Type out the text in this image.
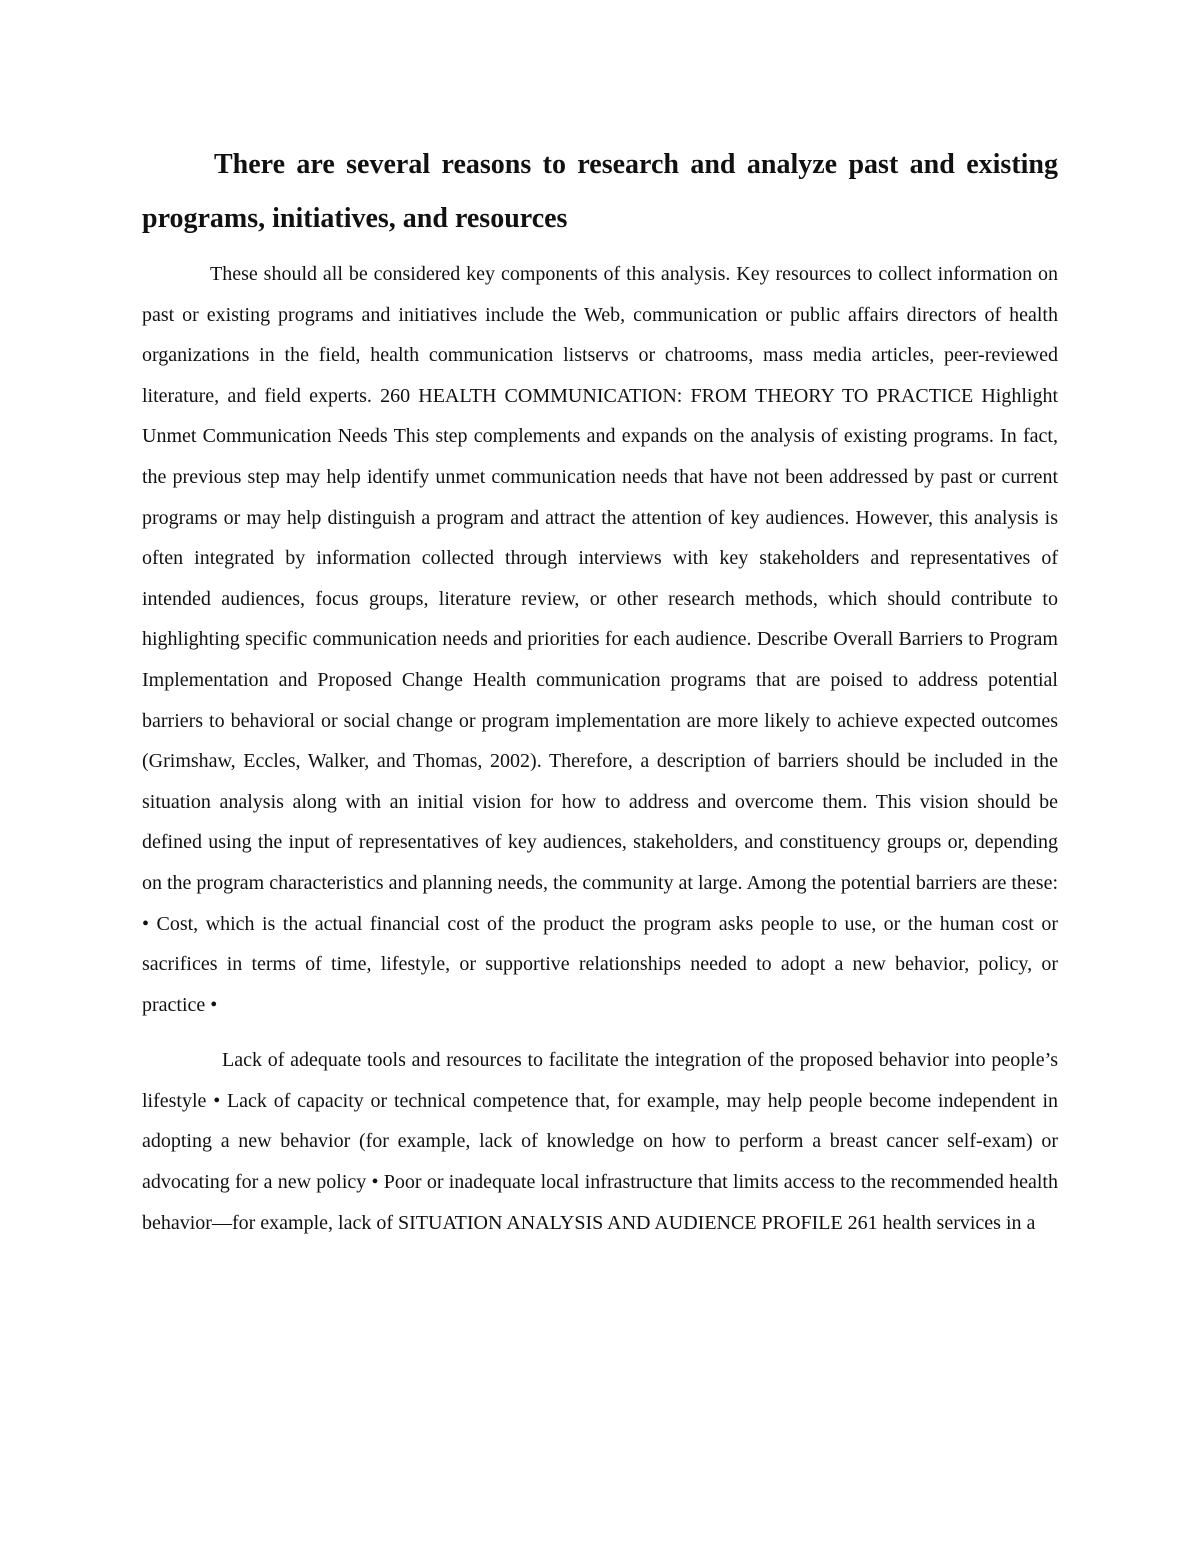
There are several reasons to research and analyze past and existing programs, initiatives, and resources

These should all be considered key components of this analysis. Key resources to collect information on past or existing programs and initiatives include the Web, communication or public affairs directors of health organizations in the field, health communication listservs or chatrooms, mass media articles, peer-reviewed literature, and field experts. 260 HEALTH COMMUNICATION: FROM THEORY TO PRACTICE Highlight Unmet Communication Needs This step complements and expands on the analysis of existing programs. In fact, the previous step may help identify unmet communication needs that have not been addressed by past or current programs or may help distinguish a program and attract the attention of key audiences. However, this analysis is often integrated by information collected through interviews with key stakeholders and representatives of intended audiences, focus groups, literature review, or other research methods, which should contribute to highlighting specific communication needs and priorities for each audience. Describe Overall Barriers to Program Implementation and Proposed Change Health communication programs that are poised to address potential barriers to behavioral or social change or program implementation are more likely to achieve expected outcomes (Grimshaw, Eccles, Walker, and Thomas, 2002). Therefore, a description of barriers should be included in the situation analysis along with an initial vision for how to address and overcome them. This vision should be defined using the input of representatives of key audiences, stakeholders, and constituency groups or, depending on the program characteristics and planning needs, the community at large. Among the potential barriers are these: • Cost, which is the actual financial cost of the product the program asks people to use, or the human cost or sacrifices in terms of time, lifestyle, or supportive relationships needed to adopt a new behavior, policy, or practice •

Lack of adequate tools and resources to facilitate the integration of the proposed behavior into people’s lifestyle • Lack of capacity or technical competence that, for example, may help people become independent in adopting a new behavior (for example, lack of knowledge on how to perform a breast cancer self-exam) or advocating for a new policy • Poor or inadequate local infrastructure that limits access to the recommended health behavior—for example, lack of SITUATION ANALYSIS AND AUDIENCE PROFILE 261 health services in a
